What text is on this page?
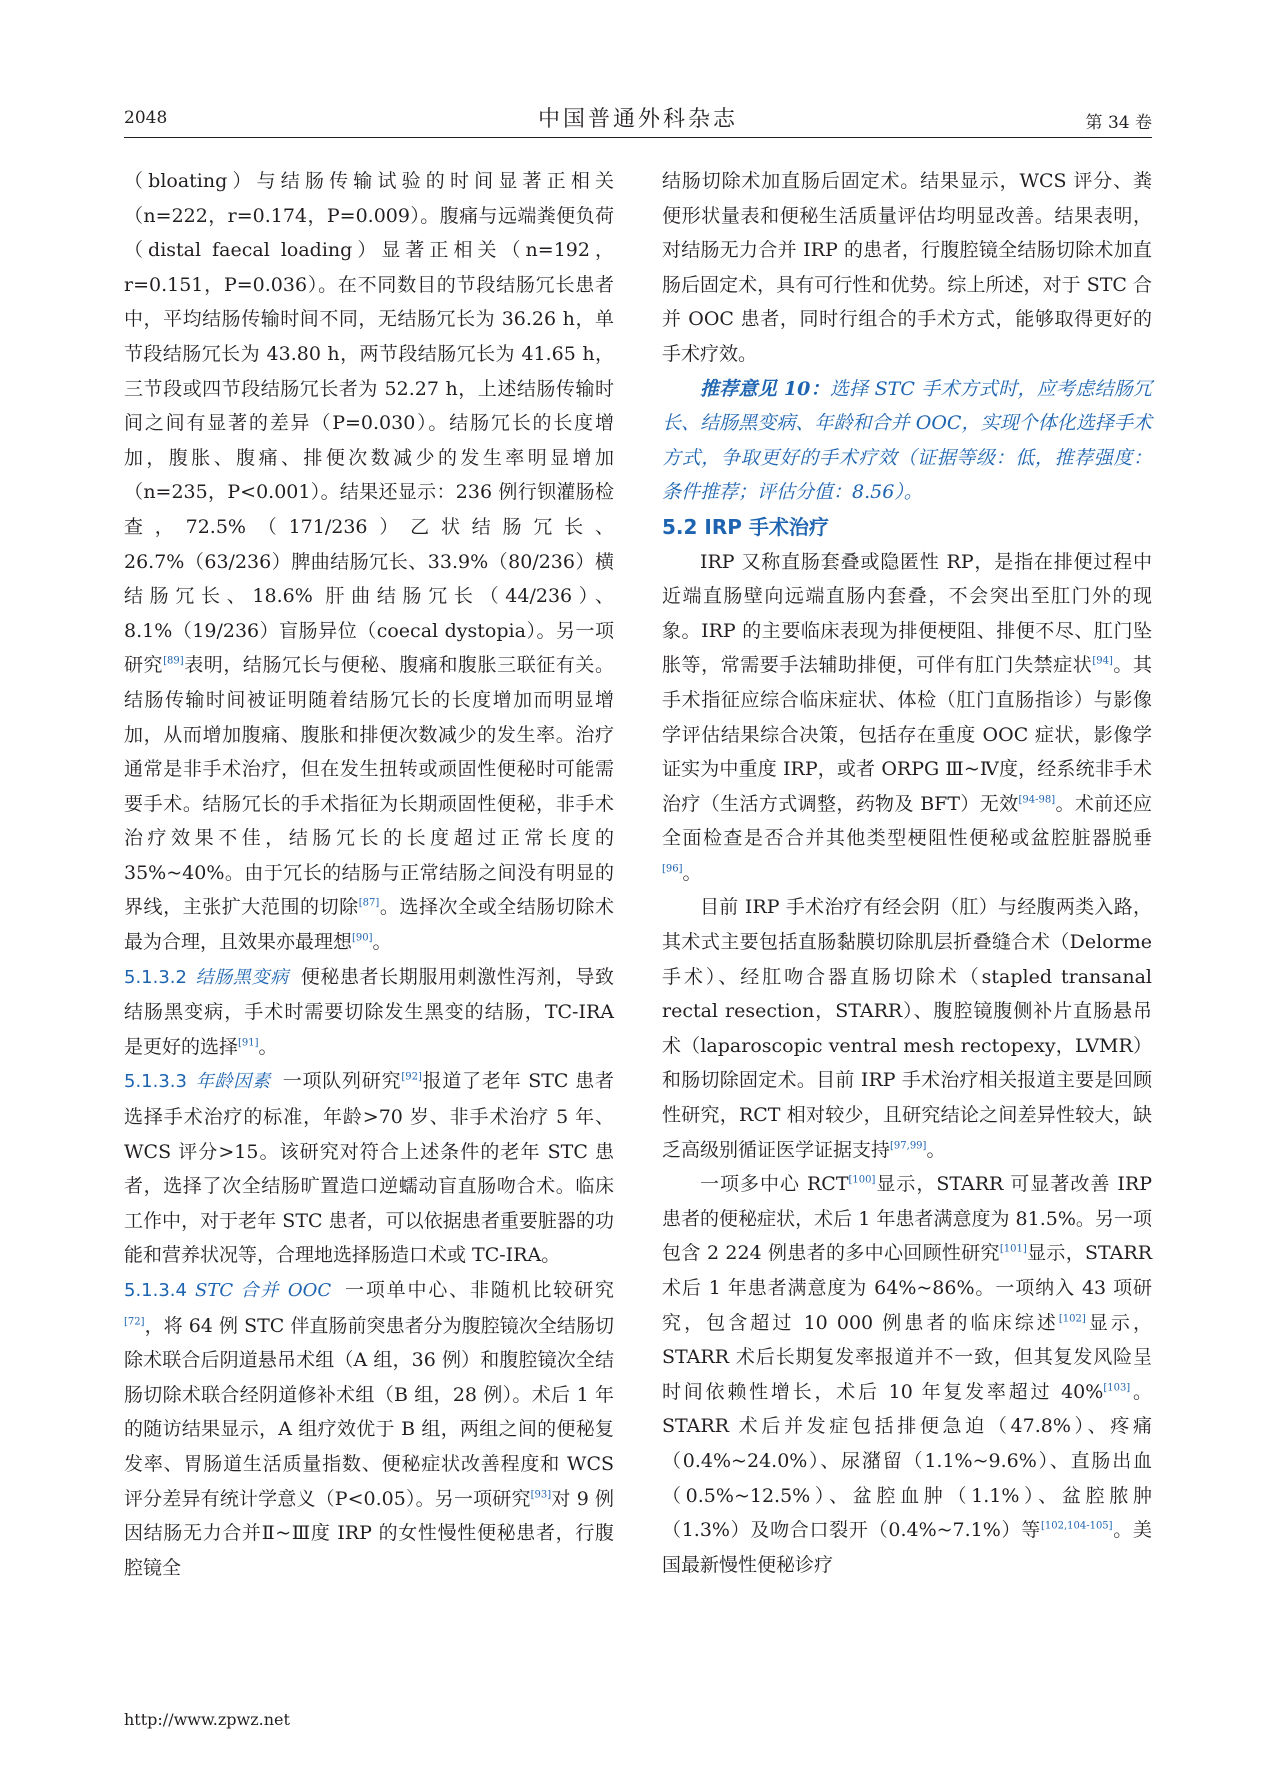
2048	中国普通外科杂志	第 34 卷

（bloating）与结肠传输试验的时间显著正相关（n=222，r=0.174，P=0.009）。腹痛与远端粪便负荷（distal faecal loading）显著正相关（n=192，r=0.151，P=0.036）。在不同数目的节段结肠冗长患者中，平均结肠传输时间不同，无结肠冗长为 36.26 h，单节段结肠冗长为 43.80 h，两节段结肠冗长为 41.65 h，三节段或四节段结肠冗长者为 52.27 h，上述结肠传输时间之间有显著的差异（P=0.030）。结肠冗长的长度增加，腹胀、腹痛、排便次数减少的发生率明显增加（n=235，P<0.001）。结果还显示：236 例行钡灌肠检查，72.5%（171/236）乙状结肠冗长、26.7%（63/236）脾曲结肠冗长、33.9%（80/236）横结肠冗长、18.6% 肝曲结肠冗长（44/236）、8.1%（19/236）盲肠异位（coecal dystopia）。另一项研究[89]表明，结肠冗长与便秘、腹痛和腹胀三联征有关。结肠传输时间被证明随着结肠冗长的长度增加而明显增加，从而增加腹痛、腹胀和排便次数减少的发生率。治疗通常是非手术治疗，但在发生扭转或顽固性便秘时可能需要手术。结肠冗长的手术指征为长期顽固性便秘，非手术治疗效果不佳，结肠冗长的长度超过正常长度的 35%~40%。由于冗长的结肠与正常结肠之间没有明显的界线，主张扩大范围的切除[87]。选择次全或全结肠切除术最为合理，且效果亦最理想[90]。

5.1.3.2 结肠黑变病 便秘患者长期服用刺激性泻剂，导致结肠黑变病，手术时需要切除发生黑变的结肠，TC-IRA 是更好的选择[91]。

5.1.3.3 年龄因素 一项队列研究[92]报道了老年 STC 患者选择手术治疗的标准，年龄>70 岁、非手术治疗 5 年、WCS 评分>15。该研究对符合上述条件的老年 STC 患者，选择了次全结肠旷置造口逆蠕动盲直肠吻合术。临床工作中，对于老年 STC 患者，可以依据患者重要脏器的功能和营养状况等，合理地选择肠造口术或 TC-IRA。

5.1.3.4 STC 合并 OOC 一项单中心、非随机比较研究[72]，将 64 例 STC 伴直肠前突患者分为腹腔镜次全结肠切除术联合后阴道悬吊术组（A 组，36 例）和腹腔镜次全结肠切除术联合经阴道修补术组（B 组，28 例）。术后 1 年的随访结果显示，A 组疗效优于 B 组，两组之间的便秘复发率、胃肠道生活质量指数、便秘症状改善程度和 WCS 评分差异有统计学意义（P<0.05）。另一项研究[93]对 9 例因结肠无力合并Ⅱ~Ⅲ度 IRP 的女性慢性便秘患者，行腹腔镜全

结肠切除术加直肠后固定术。结果显示，WCS 评分、粪便形状量表和便秘生活质量评估均明显改善。结果表明，对结肠无力合并 IRP 的患者，行腹腔镜全结肠切除术加直肠后固定术，具有可行性和优势。综上所述，对于 STC 合并 OOC 患者，同时行组合的手术方式，能够取得更好的手术疗效。

推荐意见 10：选择 STC 手术方式时，应考虑结肠冗长、结肠黑变病、年龄和合并 OOC，实现个体化选择手术方式，争取更好的手术疗效（证据等级：低，推荐强度：条件推荐；评估分值：8.56）。

5.2 IRP 手术治疗

IRP 又称直肠套叠或隐匿性 RP，是指在排便过程中近端直肠壁向远端直肠内套叠，不会突出至肛门外的现象。IRP 的主要临床表现为排便梗阻、排便不尽、肛门坠胀等，常需要手法辅助排便，可伴有肛门失禁症状[94]。其手术指征应综合临床症状、体检（肛门直肠指诊）与影像学评估结果综合决策，包括存在重度 OOC 症状，影像学证实为中重度 IRP，或者 ORPG Ⅲ~Ⅳ度，经系统非手术治疗（生活方式调整，药物及 BFT）无效[94-98]。术前还应全面检查是否合并其他类型梗阻性便秘或盆腔脏器脱垂[96]。

目前 IRP 手术治疗有经会阴（肛）与经腹两类入路，其术式主要包括直肠黏膜切除肌层折叠缝合术（Delorme 手术）、经肛吻合器直肠切除术（stapled transanal rectal resection，STARR）、腹腔镜腹侧补片直肠悬吊术（laparoscopic ventral mesh rectopexy，LVMR）和肠切除固定术。目前 IRP 手术治疗相关报道主要是回顾性研究，RCT 相对较少，且研究结论之间差异性较大，缺乏高级别循证医学证据支持[97,99]。

一项多中心 RCT[100]显示，STARR 可显著改善 IRP 患者的便秘症状，术后 1 年患者满意度为 81.5%。另一项包含 2 224 例患者的多中心回顾性研究[101]显示，STARR 术后 1 年患者满意度为 64%~86%。一项纳入 43 项研究，包含超过 10 000 例患者的临床综述[102]显示，STARR 术后长期复发率报道并不一致，但其复发风险呈时间依赖性增长，术后 10 年复发率超过 40%[103]。STARR 术后并发症包括排便急迫（47.8%）、疼痛（0.4%~24.0%）、尿潴留（1.1%~9.6%）、直肠出血（0.5%~12.5%）、盆腔血肿（1.1%）、盆腔脓肿（1.3%）及吻合口裂开（0.4%~7.1%）等[102,104-105]。美国最新慢性便秘诊疗

http://www.zpwz.net
